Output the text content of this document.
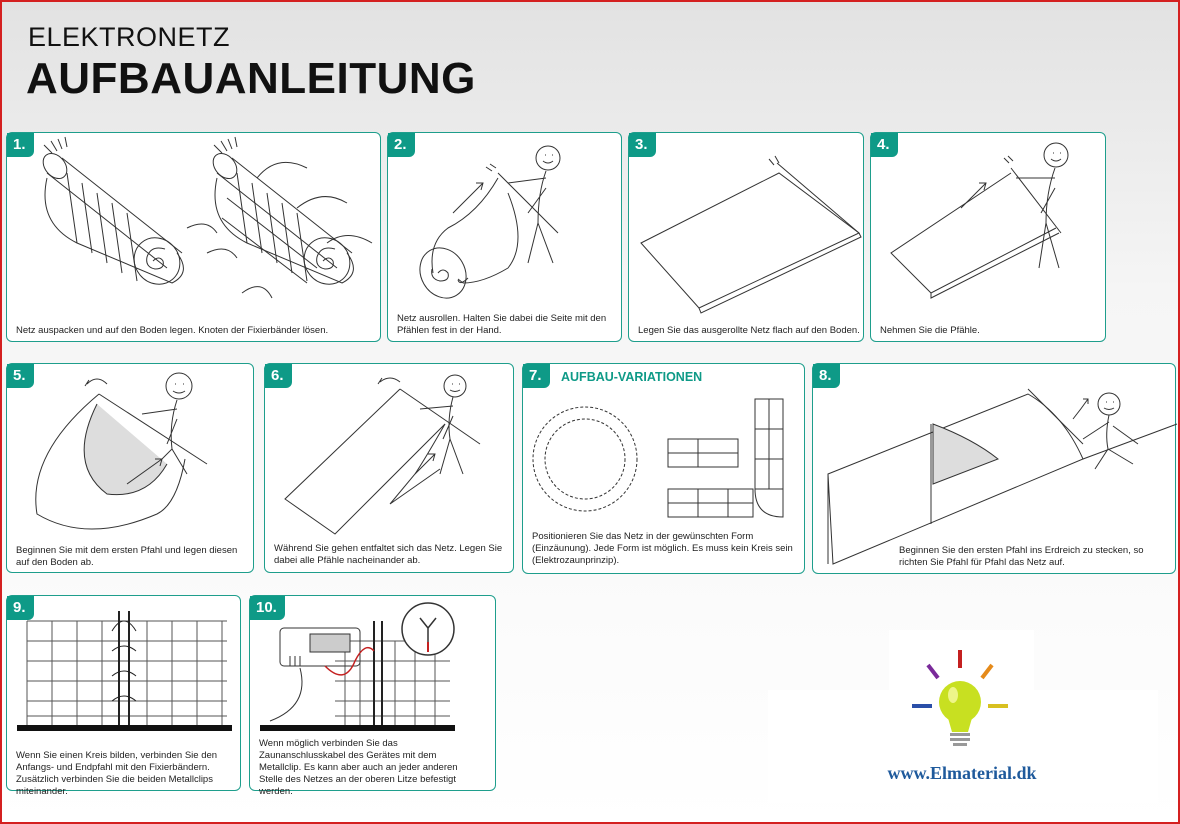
ELEKTRONETZ
AUFBAUANLEITUNG
1.
Netz auspacken und auf den Boden legen. Knoten der Fixierbänder lösen.
2.
Netz ausrollen. Halten Sie dabei die Seite mit den Pfählen fest in der Hand.
3.
Legen Sie das ausgerollte Netz flach auf den Boden.
4.
Nehmen Sie die Pfähle.
5.
Beginnen Sie mit dem ersten Pfahl und legen diesen auf den Boden ab.
6.
Während Sie gehen entfaltet sich das Netz. Legen Sie dabei alle Pfähle nacheinander ab.
7.	AUFBAU-VARIATIONEN
Positionieren Sie das Netz in der gewünschten Form (Einzäunung). Jede Form ist möglich. Es muss kein Kreis sein (Elektrozaunprinzip).
8.
Beginnen Sie den ersten Pfahl ins Erdreich zu stecken, so richten Sie Pfahl für Pfahl das Netz auf.
9.
Wenn Sie einen Kreis bilden, verbinden Sie den Anfangs- und Endpfahl mit den Fixierbändern. Zusätzlich verbinden Sie die beiden Metallclips miteinander.
10.
Wenn möglich verbinden Sie das Zaunanschlusskabel des Gerätes mit dem Metallclip. Es kann aber auch an jeder anderen Stelle des Netzes an der oberen Litze befestigt werden.
www.Elmaterial.dk
